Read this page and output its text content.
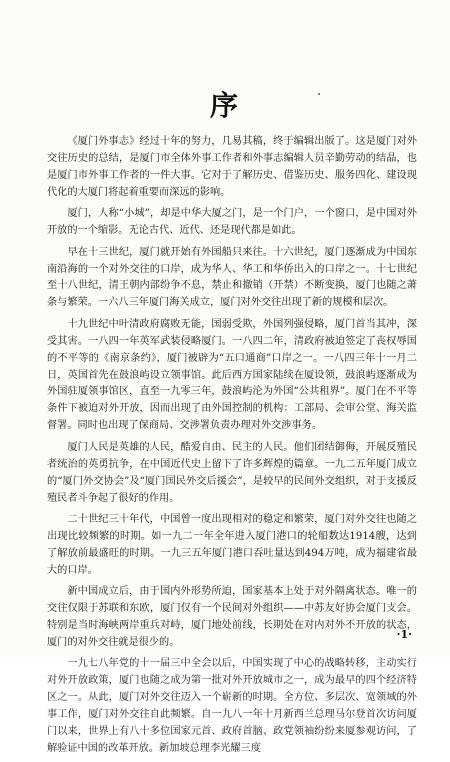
序

《厦门外事志》经过十年的努力，几易其稿，终于编辑出版了。这是厦门对外交往历史的总结，是厦门市全体外事工作者和外事志编辑人员辛勤劳动的结晶，也是厦门市外事工作者的一件大事。它对于了解历史、借鉴历史、服务四化、建设现代化的大厦门将起着重要而深远的影响。

厦门，人称“小城”，却是中华大厦之门，是一个门户，一个窗口，是中国对外开放的一个缩影。无论古代、近代、还是现代都是如此。

早在十三世纪，厦门就开始有外国船只来往。十六世纪，厦门逐渐成为中国东南沿海的一个对外交往的口岸，成为华人、华工和华侨出入的口岸之一。十七世纪至十八世纪，清王朝内部纷争不息，禁止和撤销（开禁）不断变换，厦门也随之萧条与繁荣。一六八三年厦门海关成立，厦门对外交往出现了新的规模和层次。

十九世纪中叶清政府腐败无能，国弱受欺，外国列强侵略，厦门首当其冲，深受其害。一八四一年英军武装侵略厦门。一八四二年，清政府被迫签定了丧权辱国的不平等的《南京条约》，厦门被辟为“五口通商”口岸之一。一八四三年十一月二日，英国首先在鼓浪屿设立领事馆。此后西方国家陆续在厦设领，鼓浪屿逐渐成为外国驻厦领事馆区，直至一九零三年，鼓浪屿沦为外国“公共租界”。厦门在不平等条件下被迫对外开放，因而出现了由外国控制的机构：工部局、会审公堂、海关监督署。同时也出现了保商局、交涉署负责办理对外交涉事务。

厦门人民是英雄的人民，酷爱自由、民主的人民。他们团结御侮，开展反殖民者统治的英勇抗争，在中国近代史上留下了许多辉煌的篇章。一九二五年厦门成立的“厦门外交协会”及“厦门国民外交后援会”，是较早的民间外交组织，对于支援反殖民者斗争起了很好的作用。

二十世纪三十年代，中国曾一度出现相对的稳定和繁荣，厦门对外交往也随之出现比较频繁的时期。如一九二一年全年进入厦门港口的轮船数达1914艘，达到了解放前最盛旺的时期。一九三五年厦门港口吞吐量达到494万吨，成为福建省最大的口岸。

新中国成立后，由于国内外形势所迫，国家基本上处于对外隔离状态。唯一的交往仅限于苏联和东欧，厦门仅有一个民间对外组织——中苏友好协会厦门支会。特别是当时海峡两岸重兵对峙，厦门地处前线，长期处在对内对外不开放的状态，厦门的对外交往就是很少的。

一九七八年党的十一届三中全会以后，中国实现了中心的战略转移，主动实行对外开放政策，厦门也随之成为第一批对外开放城市之一，成为最早的四个经济特区之一。从此，厦门对外交往迈入一个崭新的时期。全方位、多层次、宽领域的外事工作，厦门对外交往自此频繁。自一九八一年十月新西兰总理马尔登首次访问厦门以来，世界上有八十多位国家元首、政府首脑、政党领袖纷纷来厦参观访问，了解验证中国的改革开放。新加坡总理李光耀三度

·1·
